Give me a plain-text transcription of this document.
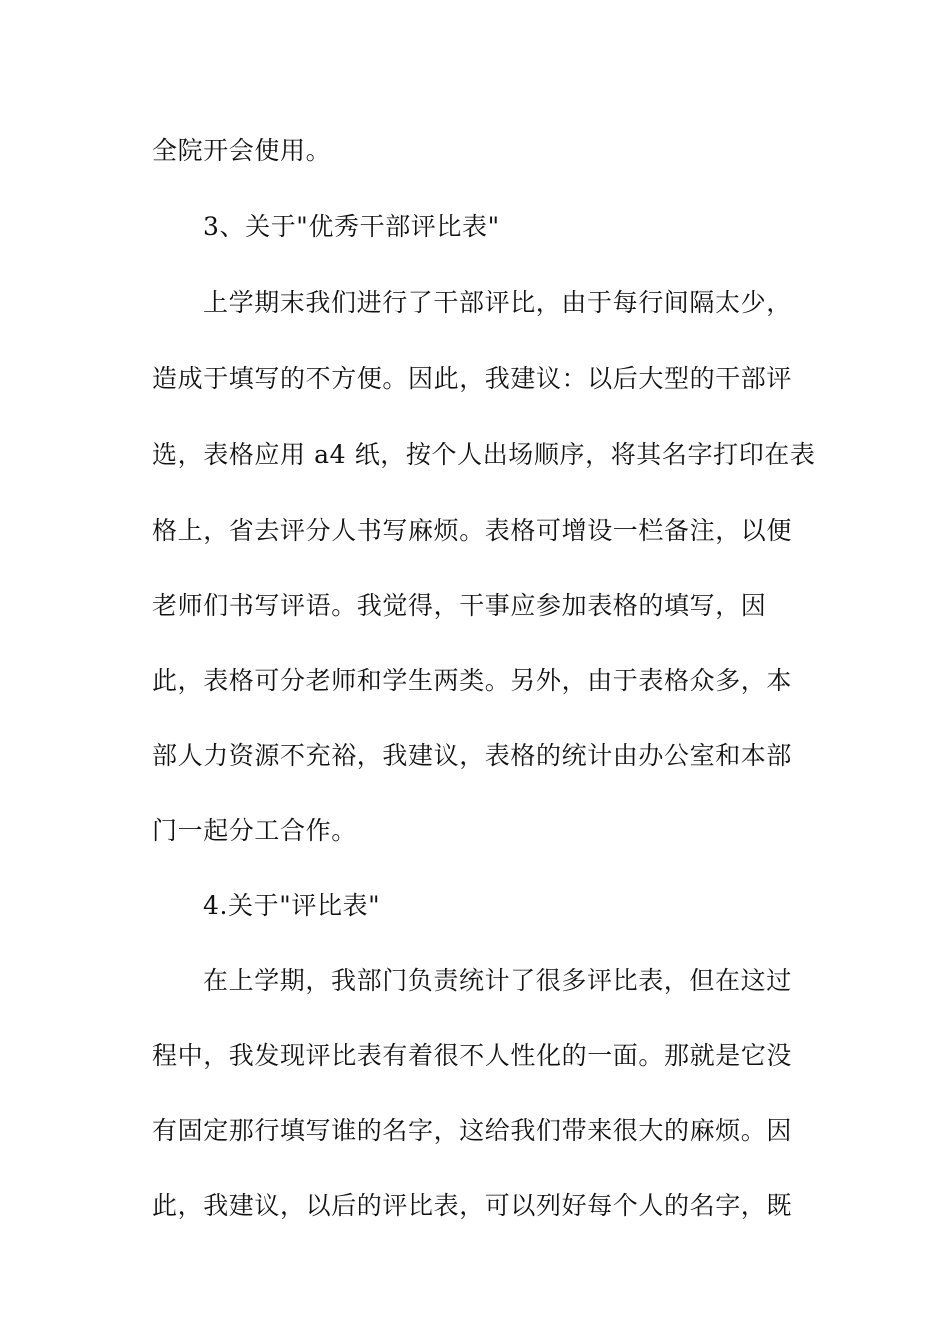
全院开会使用。
3、关于"优秀干部评比表"
上学期末我们进行了干部评比，由于每行间隔太少，
造成于填写的不方便。因此，我建议：以后大型的干部评
选，表格应用 a4 纸，按个人出场顺序，将其名字打印在表
格上，省去评分人书写麻烦。表格可增设一栏备注，以便
老师们书写评语。我觉得，干事应参加表格的填写，因
此，表格可分老师和学生两类。另外，由于表格众多，本
部人力资源不充裕，我建议，表格的统计由办公室和本部
门一起分工合作。
4.关于"评比表"
在上学期，我部门负责统计了很多评比表，但在这过
程中，我发现评比表有着很不人性化的一面。那就是它没
有固定那行填写谁的名字，这给我们带来很大的麻烦。因
此，我建议，以后的评比表，可以列好每个人的名字，既
